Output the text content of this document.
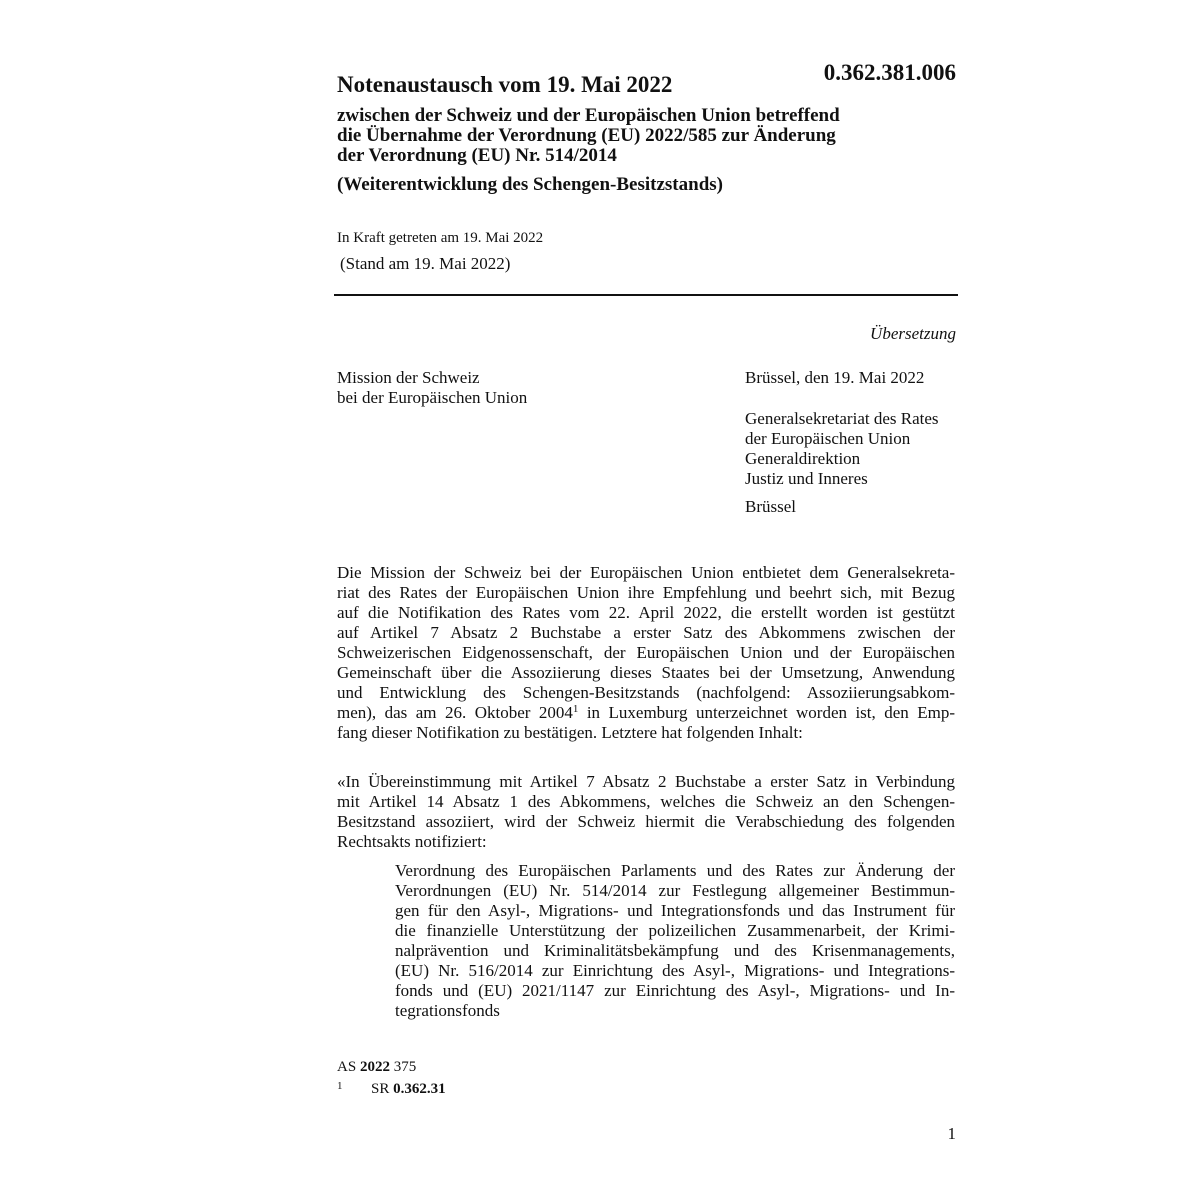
Notenaustausch vom 19. Mai 2022	0.362.381.006
zwischen der Schweiz und der Europäischen Union betreffend
die Übernahme der Verordnung (EU) 2022/585 zur Änderung
der Verordnung (EU) Nr. 514/2014
(Weiterentwicklung des Schengen-Besitzstands)
In Kraft getreten am 19. Mai 2022
(Stand am 19. Mai 2022)
Übersetzung
Mission der Schweiz
bei der Europäischen Union
Brüssel, den 19. Mai 2022
Generalsekretariat des Rates
der Europäischen Union
Generaldirektion
Justiz und Inneres
Brüssel
Die Mission der Schweiz bei der Europäischen Union entbietet dem Generalsekreta-
riat des Rates der Europäischen Union ihre Empfehlung und beehrt sich, mit Bezug
auf die Notifikation des Rates vom 22. April 2022, die erstellt worden ist gestützt
auf Artikel 7 Absatz 2 Buchstabe a erster Satz des Abkommens zwischen der
Schweizerischen Eidgenossenschaft, der Europäischen Union und der Europäischen
Gemeinschaft über die Assoziierung dieses Staates bei der Umsetzung, Anwendung
und Entwicklung des Schengen-Besitzstands (nachfolgend: Assoziierungsabkom-
men), das am 26. Oktober 2004$^1$ in Luxemburg unterzeichnet worden ist, den Emp-
fang dieser Notifikation zu bestätigen. Letztere hat folgenden Inhalt:
«In Übereinstimmung mit Artikel 7 Absatz 2 Buchstabe a erster Satz in Verbindung
mit Artikel 14 Absatz 1 des Abkommens, welches die Schweiz an den Schengen-
Besitzstand assoziiert, wird der Schweiz hiermit die Verabschiedung des folgenden
Rechtsakts notifiziert:
Verordnung des Europäischen Parlaments und des Rates zur Änderung der
Verordnungen (EU) Nr. 514/2014 zur Festlegung allgemeiner Bestimmun-
gen für den Asyl-, Migrations- und Integrationsfonds und das Instrument für
die finanzielle Unterstützung der polizeilichen Zusammenarbeit, der Krimi-
nalprävention und Kriminalitätsbekämpfung und des Krisenmanagements,
(EU) Nr. 516/2014 zur Einrichtung des Asyl-, Migrations- und Integrations-
fonds und (EU) 2021/1147 zur Einrichtung des Asyl-, Migrations- und In-
tegrationsfonds
AS 2022 375
1 SR 0.362.31
1
